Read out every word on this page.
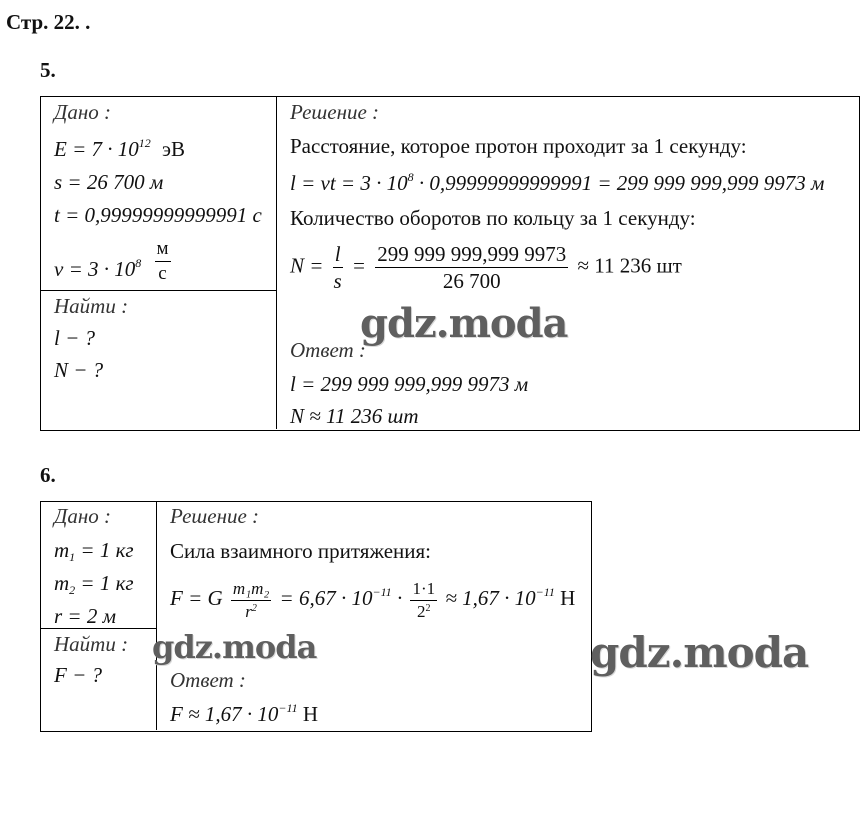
Стр. 22. .
5.
Дано :
$E = 7 \cdot 10^{12}$ эВ
s = 26 700 м
t = 0,99999999999991 с
$v = 3 \cdot 10^8 \frac{м}{с}$
Найти :
l − ?
N − ?
Решение :
Расстояние, которое протон проходит за 1 секунду:
l = vt = $3 \cdot 10^8 \cdot 0,99999999999991 = 299$ 999 999,999 9973 м
Количество оборотов по кольцу за 1 секунду:
$N = \frac{l}{s} = \frac{299 999 999,999 9973}{26 700} \approx 11$ 236 шт
Ответ :
l = 299 999 999,999 9973 м
N ≈ 11 236 шт
6.
Дано :
$m_1 = 1$ кг
$m_2 = 1$ кг
r = 2 м
Найти :
F − ?
Решение :
Сила взаимного притяжения:
F = G $\frac{\text{m₁m₂}}{r^2} = 6,67 \cdot 10^{-11} \cdot \frac{1\cdot 1}{2^2} \approx 1,67 \cdot 10^{-11}$ Н
Ответ :
$F \approx 1,67 \cdot 10^{-11}$ Н
gdz.moda
gdz.moda	gdz.moda
